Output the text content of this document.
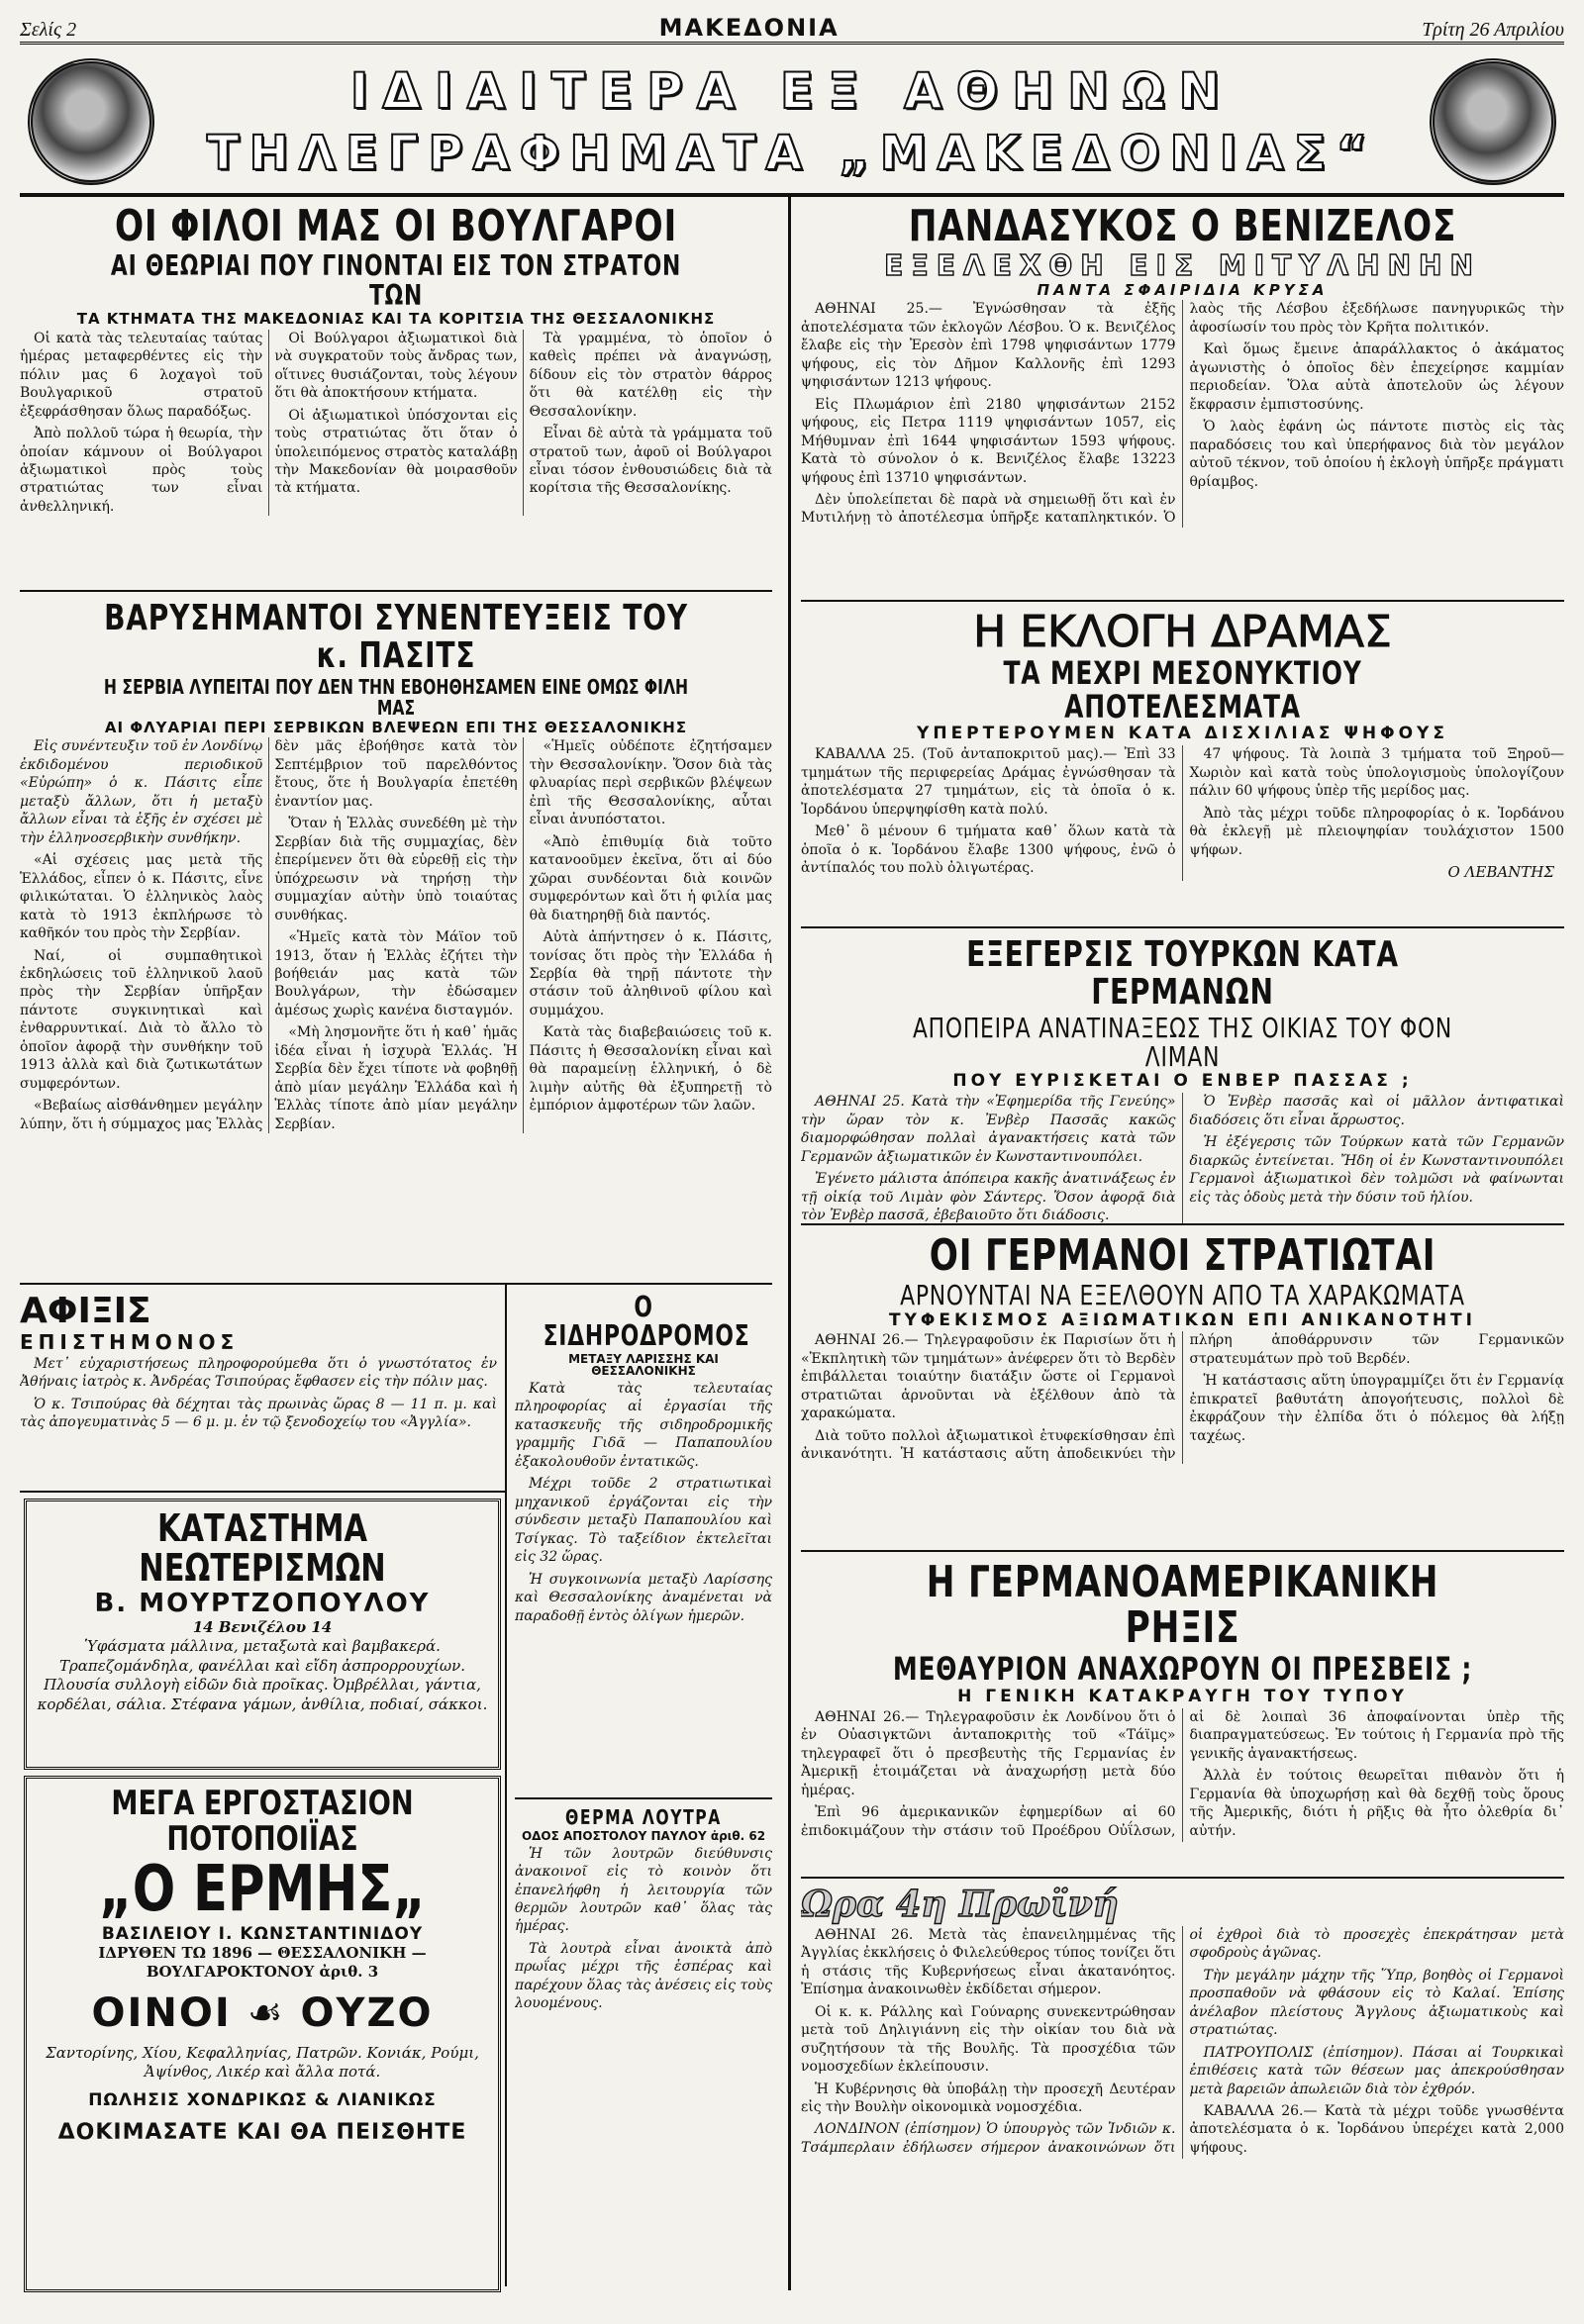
Σελίς 2	ΜΑΚΕΔΟΝΙΑ	Τρίτη 26 Απριλίου
ΙΔΙΑΙΤΕΡΑ ΕΞ ΑΘΗΝΩΝ
ΤΗΛΕΓΡΑΦΗΜΑΤΑ „ΜΑΚΕΔΟΝΙΑΣ“
ΟΙ ΦΙΛΟΙ ΜΑΣ ΟΙ ΒΟΥΛΓΑΡΟΙ
ΑΙ ΘΕΩΡΙΑΙ ΠΟΥ ΓΙΝΟΝΤΑΙ ΕΙΣ ΤΟΝ ΣΤΡΑΤΟΝ ΤΩΝ
ΤΑ ΚΤΗΜΑΤΑ ΤΗΣ ΜΑΚΕΔΟΝΙΑΣ ΚΑΙ ΤΑ ΚΟΡΙΤΣΙΑ ΤΗΣ ΘΕΣΣΑΛΟΝΙΚΗΣ

Οἱ κατὰ τὰς τελευταίας ταύτας ἡμέρας μεταφερθέντες εἰς τὴν πόλιν μας 6 λοχαγοὶ τοῦ Βουλγαρικοῦ στρατοῦ ἐξεφράσθησαν ὅλως παραδόξως.

Ἀπὸ πολλοῦ τώρα ἡ θεωρία, τὴν ὁποίαν κάμνουν οἱ Βούλγαροι ἀξιωματικοὶ πρὸς τοὺς στρατιώτας των εἶναι ἀνθελληνική.

Οἱ Βούλγαροι ἀξιωματικοὶ διὰ νὰ συγκρατοῦν τοὺς ἄνδρας των, οἵτινες θυσιάζονται, τοὺς λέγουν ὅτι θὰ ἀποκτήσουν κτήματα.

Οἱ ἀξιωματικοὶ ὑπόσχονται εἰς τοὺς στρατιώτας ὅτι ὅταν ὁ ὑπολειπόμενος στρατὸς καταλάβῃ τὴν Μακεδονίαν θὰ μοιρασθοῦν τὰ κτήματα.

Τὰ γραμμένα, τὸ ὁποῖον ὁ καθεὶς πρέπει νὰ ἀναγνώσῃ, δίδουν εἰς τὸν στρατὸν θάρρος ὅτι θὰ κατέλθῃ εἰς τὴν Θεσσαλονίκην.

Εἶναι δὲ αὐτὰ τὰ γράμματα τοῦ στρατοῦ των, ἀφοῦ οἱ Βούλγαροι εἶναι τόσον ἐνθουσιώδεις διὰ τὰ κορίτσια τῆς Θεσσαλονίκης.

ΒΑΡΥΣΗΜΑΝΤΟΙ ΣΥΝΕΝΤΕΥΞΕΙΣ ΤΟΥ κ. ΠΑΣΙΤΣ
Η ΣΕΡΒΙΑ ΛΥΠΕΙΤΑΙ ΠΟΥ ΔΕΝ ΤΗΝ ΕΒΟΗΘΗΣΑΜΕΝ ΕΙΝΕ ΟΜΩΣ ΦΙΛΗ ΜΑΣ
ΑΙ ΦΛΥΑΡΙΑΙ ΠΕΡΙ ΣΕΡΒΙΚΩΝ ΒΛΕΨΕΩΝ ΕΠΙ ΤΗΣ ΘΕΣΣΑΛΟΝΙΚΗΣ

Εἰς συνέντευξιν τοῦ ἐν Λονδίνῳ ἐκδιδομένου περιοδικοῦ «Εὐρώπη» ὁ κ. Πάσιτς εἶπε μεταξὺ ἄλλων, ὅτι ἡ μεταξὺ ἄλλων εἶναι τὰ ἑξῆς ἐν σχέσει μὲ τὴν ἑλληνοσερβικὴν συνθήκην.

«Αἱ σχέσεις μας μετὰ τῆς Ἑλλάδος, εἶπεν ὁ κ. Πάσιτς, εἶνε φιλικώταται. Ὁ ἑλληνικὸς λαὸς κατὰ τὸ 1913 ἐκπλήρωσε τὸ καθῆκόν του πρὸς τὴν Σερβίαν.

Ναί, οἱ συμπαθητικοὶ ἐκδηλώσεις τοῦ ἑλληνικοῦ λαοῦ πρὸς τὴν Σερβίαν ὑπῆρξαν πάντοτε συγκινητικαὶ καὶ ἐνθαρρυντικαί. Διὰ τὸ ἄλλο τὸ ὁποῖον ἀφορᾷ τὴν συνθήκην τοῦ 1913 ἀλλὰ καὶ διὰ ζωτικωτάτων συμφερόντων.

«Βεβαίως αἰσθάνθημεν μεγάλην λύπην, ὅτι ἡ σύμμαχος μας Ἑλλὰς δὲν μᾶς ἐβοήθησε κατὰ τὸν Σεπτέμβριον τοῦ παρελθόντος ἔτους, ὅτε ἡ Βουλγαρία ἐπετέθη ἐναντίον μας.

Ὅταν ἡ Ἑλλὰς συνεδέθη μὲ τὴν Σερβίαν διὰ τῆς συμμαχίας, δὲν ἐπερίμενεν ὅτι θὰ εὑρεθῇ εἰς τὴν ὑπόχρεωσιν νὰ τηρήσῃ τὴν συμμαχίαν αὐτὴν ὑπὸ τοιαύτας συνθήκας.

«Ἡμεῖς κατὰ τὸν Μάϊον τοῦ 1913, ὅταν ἡ Ἑλλὰς ἐζήτει τὴν βοήθειάν μας κατὰ τῶν Βουλγάρων, τὴν ἐδώσαμεν ἀμέσως χωρὶς κανένα δισταγμόν.

«Μὴ λησμονῆτε ὅτι ἡ καθ᾽ ἡμᾶς ἰδέα εἶναι ἡ ἰσχυρὰ Ἑλλάς. Ἡ Σερβία δὲν ἔχει τίποτε νὰ φοβηθῇ ἀπὸ μίαν μεγάλην Ἑλλάδα καὶ ἡ Ἑλλὰς τίποτε ἀπὸ μίαν μεγάλην Σερβίαν.

«Ἡμεῖς οὐδέποτε ἐζητήσαμεν τὴν Θεσσαλονίκην. Ὅσον διὰ τὰς φλυαρίας περὶ σερβικῶν βλέψεων ἐπὶ τῆς Θεσσαλονίκης, αὗται εἶναι ἀνυπόστατοι.

«Ἀπὸ ἐπιθυμίᾳ διὰ τοῦτο κατανοοῦμεν ἐκεῖνα, ὅτι αἱ δύο χῶραι συνδέονται διὰ κοινῶν συμφερόντων καὶ ὅτι ἡ φιλία μας θὰ διατηρηθῇ διὰ παντός.

Αὐτὰ ἀπήντησεν ὁ κ. Πάσιτς, τονίσας ὅτι πρὸς τὴν Ἑλλάδα ἡ Σερβία θὰ τηρῇ πάντοτε τὴν στάσιν τοῦ ἀληθινοῦ φίλου καὶ συμμάχου.

Κατὰ τὰς διαβεβαιώσεις τοῦ κ. Πάσιτς ἡ Θεσσαλονίκη εἶναι καὶ θὰ παραμείνῃ ἑλληνική, ὁ δὲ λιμὴν αὐτῆς θὰ ἐξυπηρετῇ τὸ ἐμπόριον ἀμφοτέρων τῶν λαῶν.

ΑΦΙΞΙΣ
ΕΠΙΣΤΗΜΟΝΟΣ

Μετ᾽ εὐχαριστήσεως πληροφορούμεθα ὅτι ὁ γνωστότατος ἐν Ἀθήναις ἰατρὸς κ. Ἀνδρέας Τσιπούρας ἔφθασεν εἰς τὴν πόλιν μας.

Ὁ κ. Τσιπούρας θὰ δέχηται τὰς πρωινὰς ὥρας 8 — 11 π. μ. καὶ τὰς ἀπογευματινὰς 5 — 6 μ. μ. ἐν τῷ ξενοδοχείῳ του «Ἀγγλία».

ΚΑΤΑΣΤΗΜΑ ΝΕΩΤΕΡΙΣΜΩΝ
Β. ΜΟΥΡΤΖΟΠΟΥΛΟΥ
14 Βενιζέλου 14
Ὑφάσματα μάλλινα, μεταξωτὰ καὶ βαμβακερά. Τραπεζομάνδηλα, φανέλλαι καὶ εἴδη ἀσπρορρουχίων.
Πλουσία συλλογὴ εἰδῶν διὰ προῖκας. Ὀμβρέλλαι, γάντια, κορδέλαι, σάλια. Στέφανα γάμων, ἀνθίλια, ποδιαί, σάκκοι.
ΜΕΓΑ ΕΡΓΟΣΤΑΣΙΟΝ ΠΟΤΟΠΟΙΪΑΣ
„Ο ΕΡΜΗΣ„
ΒΑΣΙΛΕΙΟΥ Ι. ΚΩΝΣΤΑΝΤΙΝΙΔΟΥ
ΙΔΡΥΘΕΝ ΤΩ 1896 — ΘΕΣΣΑΛΟΝΙΚΗ — ΒΟΥΛΓΑΡΟΚΤΟΝΟΥ ἀριθ. 3
ΟΙΝΟΙ ☙ ΟΥΖΟ
Σαντορίνης, Χίου, Κεφαλληνίας, Πατρῶν. Κονιάκ, Ρούμι, Ἀψίνθος, Λικέρ καὶ ἄλλα ποτά.
ΠΩΛΗΣΙΣ ΧΟΝΔΡΙΚΩΣ & ΛΙΑΝΙΚΩΣ
ΔΟΚΙΜΑΣΑΤΕ ΚΑΙ ΘΑ ΠΕΙΣΘΗΤΕ
Ο ΣΙΔΗΡΟΔΡΟΜΟΣ
ΜΕΤΑΞΥ ΛΑΡΙΣΣΗΣ ΚΑΙ ΘΕΣΣΑΛΟΝΙΚΗΣ

Κατὰ τὰς τελευταίας πληροφορίας αἱ ἐργασίαι τῆς κατασκευῆς τῆς σιδηροδρομικῆς γραμμῆς Γιδᾶ — Παπαπουλίου ἐξακολουθοῦν ἐντατικῶς.

Μέχρι τοῦδε 2 στρατιωτικαὶ μηχανικοῦ ἐργάζονται εἰς τὴν σύνδεσιν μεταξὺ Παπαπουλίου καὶ Τσίγκας. Τὸ ταξείδιον ἐκτελεῖται εἰς 32 ὥρας.

Ἡ συγκοινωνία μεταξὺ Λαρίσσης καὶ Θεσσαλονίκης ἀναμένεται νὰ παραδοθῇ ἐντὸς ὀλίγων ἡμερῶν.

ΘΕΡΜΑ ΛΟΥΤΡΑ
ΟΔΟΣ ΑΠΟΣΤΟΛΟΥ ΠΑΥΛΟΥ ἀριθ. 62

Ἡ τῶν λουτρῶν διεύθυνσις ἀνακοινοῖ εἰς τὸ κοινὸν ὅτι ἐπανελήφθη ἡ λειτουργία τῶν θερμῶν λουτρῶν καθ᾽ ὅλας τὰς ἡμέρας.

Τὰ λουτρὰ εἶναι ἀνοικτὰ ἀπὸ πρωΐας μέχρι τῆς ἑσπέρας καὶ παρέχουν ὅλας τὰς ἀνέσεις εἰς τοὺς λουομένους.

ΠΑΝΔΑΣΥΚΟΣ Ο ΒΕΝΙΖΕΛΟΣ
ΕΞΕΛΕΧΘΗ ΕΙΣ ΜΙΤΥΛΗΝΗΝ
ΠΑΝΤΑ ΣΦΑΙΡΙΔΙΑ ΚΡΥΣΑ

ΑΘΗΝΑΙ 25.— Ἐγνώσθησαν τὰ ἐξῆς ἀποτελέσματα τῶν ἐκλογῶν Λέσβου. Ὁ κ. Βενιζέλος ἔλαβε εἰς τὴν Ἐρεσὸν ἐπὶ 1798 ψηφισάντων 1779 ψήφους, εἰς τὸν Δῆμον Καλλονῆς ἐπὶ 1293 ψηφισάντων 1213 ψήφους.

Εἰς Πλωμάριον ἐπὶ 2180 ψηφισάντων 2152 ψήφους, εἰς Πετρα 1119 ψηφισάντων 1057, εἰς Μήθυμναν ἐπὶ 1644 ψηφισάντων 1593 ψήφους. Κατὰ τὸ σύνολον ὁ κ. Βενιζέλος ἔλαβε 13223 ψήφους ἐπὶ 13710 ψηφισάντων.

Δὲν ὑπολείπεται δὲ παρὰ νὰ σημειωθῇ ὅτι καὶ ἐν Μυτιλήνῃ τὸ ἀποτέλεσμα ὑπῆρξε καταπληκτικόν. Ὁ λαὸς τῆς Λέσβου ἐξεδήλωσε πανηγυρικῶς τὴν ἀφοσίωσίν του πρὸς τὸν Κρῆτα πολιτικόν.

Καὶ ὅμως ἔμεινε ἀπαράλλακτος ὁ ἀκάματος ἀγωνιστὴς ὁ ὁποῖος δὲν ἐπεχείρησε καμμίαν περιοδείαν. Ὅλα αὐτὰ ἀποτελοῦν ὡς λέγουν ἔκφρασιν ἐμπιστοσύνης.

Ὁ λαὸς ἐφάνη ὡς πάντοτε πιστὸς εἰς τὰς παραδόσεις του καὶ ὑπερήφανος διὰ τὸν μεγάλον αὐτοῦ τέκνον, τοῦ ὁποίου ἡ ἐκλογὴ ὑπῆρξε πράγματι θρίαμβος.

Η ΕΚΛΟΓΗ ΔΡΑΜΑΣ
ΤΑ ΜΕΧΡΙ ΜΕΣΟΝΥΚΤΙΟΥ ΑΠΟΤΕΛΕΣΜΑΤΑ
ΥΠΕΡΤΕΡΟΥΜΕΝ ΚΑΤΑ ΔΙΣΧΙΛΙΑΣ ΨΗΦΟΥΣ

ΚΑΒΑΛΛΑ 25. (Τοῦ ἀνταποκριτοῦ μας).— Ἐπὶ 33 τμημάτων τῆς περιφερείας Δράμας ἐγνώσθησαν τὰ ἀποτελέσματα 27 τμημάτων, εἰς τὰ ὁποῖα ὁ κ. Ἰορδάνου ὑπερψηφίσθη κατὰ πολύ.

Μεθ᾽ ὃ μένουν 6 τμήματα καθ᾽ ὅλων κατὰ τὰ ὁποῖα ὁ κ. Ἰορδάνου ἔλαβε 1300 ψήφους, ἐνῶ ὁ ἀντίπαλός του πολὺ ὀλιγωτέρας.

47 ψήφους. Τὰ λοιπὰ 3 τμήματα τοῦ Ξηροῦ—Χωριὸν καὶ κατὰ τοὺς ὑπολογισμοὺς ὑπολογίζουν πάλιν 60 ψήφους ὑπὲρ τῆς μερίδος μας.

Ἀπὸ τὰς μέχρι τοῦδε πληροφορίας ὁ κ. Ἰορδάνου θὰ ἐκλεγῇ μὲ πλειοψηφίαν τουλάχιστον 1500 ψήφων.

Ο ΛΕΒΑΝΤΗΣ
ΕΞΕΓΕΡΣΙΣ ΤΟΥΡΚΩΝ ΚΑΤΑ ΓΕΡΜΑΝΩΝ
ΑΠΟΠΕΙΡΑ ΑΝΑΤΙΝΑΞΕΩΣ ΤΗΣ ΟΙΚΙΑΣ ΤΟΥ ΦΟΝ ΛΙΜΑΝ
ΠΟΥ ΕΥΡΙΣΚΕΤΑΙ Ο ΕΝΒΕΡ ΠΑΣΣΑΣ ;

ΑΘΗΝΑΙ 25. Κατὰ τὴν «Ἐφημερίδα τῆς Γενεύης» τὴν ὥραν τὸν κ. Ἐνβὲρ Πασσᾶς κακῶς διαμορφώθησαν πολλαὶ ἀγανακτήσεις κατὰ τῶν Γερμανῶν ἀξιωματικῶν ἐν Κωνσταντινουπόλει.

Ἐγένετο μάλιστα ἀπόπειρα κακῆς ἀνατινάξεως ἐν τῇ οἰκίᾳ τοῦ Λιμὰν φὸν Σάντερς. Ὅσον ἀφορᾷ διὰ τὸν Ἐνβὲρ πασσᾶ, ἐβεβαιοῦτο ὅτι διάδοσις.

Ὁ Ἐνβὲρ πασσᾶς καὶ οἱ μᾶλλον ἀντιφατικαὶ διαδόσεις ὅτι εἶναι ἄρρωστος.

Ἡ ἐξέγερσις τῶν Τούρκων κατὰ τῶν Γερμανῶν διαρκῶς ἐντείνεται. Ἤδη οἱ ἐν Κωνσταντινουπόλει Γερμανοὶ ἀξιωματικοὶ δὲν τολμῶσι νὰ φαίνωνται εἰς τὰς ὁδοὺς μετὰ τὴν δύσιν τοῦ ἡλίου.

ΟΙ ΓΕΡΜΑΝΟΙ ΣΤΡΑΤΙΩΤΑΙ
ΑΡΝΟΥΝΤΑΙ ΝΑ ΕΞΕΛΘΟΥΝ ΑΠΟ ΤΑ ΧΑΡΑΚΩΜΑΤΑ
ΤΥΦΕΚΙΣΜΟΣ ΑΞΙΩΜΑΤΙΚΩΝ ΕΠΙ ΑΝΙΚΑΝΟΤΗΤΙ

ΑΘΗΝΑΙ 26.— Τηλεγραφοῦσιν ἐκ Παρισίων ὅτι ἡ «Ἐκπλητικὴ τῶν τμημάτων» ἀνέφερεν ὅτι τὸ Βερδὲν ἐπιβάλλεται τοιαύτην διατάξιν ὥστε οἱ Γερμανοὶ στρατιῶται ἀρνοῦνται νὰ ἐξέλθουν ἀπὸ τὰ χαρακώματα.

Διὰ τοῦτο πολλοὶ ἀξιωματικοὶ ἐτυφεκίσθησαν ἐπὶ ἀνικανότητι. Ἡ κατάστασις αὕτη ἀποδεικνύει τὴν πλήρη ἀποθάρρυνσιν τῶν Γερμανικῶν στρατευμάτων πρὸ τοῦ Βερδέν.

Ἡ κατάστασις αὕτη ὑπογραμμίζει ὅτι ἐν Γερμανίᾳ ἐπικρατεῖ βαθυτάτη ἀπογοήτευσις, πολλοὶ δὲ ἐκφράζουν τὴν ἐλπίδα ὅτι ὁ πόλεμος θὰ λήξῃ ταχέως.

Η ΓΕΡΜΑΝΟΑΜΕΡΙΚΑΝΙΚΗ ΡΗΞΙΣ
ΜΕΘΑΥΡΙΟΝ ΑΝΑΧΩΡΟΥΝ ΟΙ ΠΡΕΣΒΕΙΣ ;
Η ΓΕΝΙΚΗ ΚΑΤΑΚΡΑΥΓΗ ΤΟΥ ΤΥΠΟΥ

ΑΘΗΝΑΙ 26.— Τηλεγραφοῦσιν ἐκ Λονδίνου ὅτι ὁ ἐν Οὐασιγκτῶνι ἀνταποκριτὴς τοῦ «Τάϊμς» τηλεγραφεῖ ὅτι ὁ πρεσβευτὴς τῆς Γερμανίας ἐν Ἀμερικῇ ἑτοιμάζεται νὰ ἀναχωρήσῃ μετὰ δύο ἡμέρας.

Ἐπὶ 96 ἀμερικανικῶν ἐφημερίδων αἱ 60 ἐπιδοκιμάζουν τὴν στάσιν τοῦ Προέδρου Οὐΐλσων, αἱ δὲ λοιπαὶ 36 ἀποφαίνονται ὑπὲρ τῆς διαπραγματεύσεως. Ἐν τούτοις ἡ Γερμανία πρὸ τῆς γενικῆς ἀγανακτήσεως.

Ἀλλὰ ἐν τούτοις θεωρεῖται πιθανὸν ὅτι ἡ Γερμανία θὰ ὑποχωρήσῃ καὶ θὰ δεχθῇ τοὺς ὅρους τῆς Ἀμερικῆς, διότι ἡ ρῆξις θὰ ἦτο ὀλεθρία δι᾽ αὐτήν.

Ωρα 4η Πρωϊνή

ΑΘΗΝΑΙ 26. Μετὰ τὰς ἐπανειλημμένας τῆς Ἀγγλίας ἐκκλήσεις ὁ Φιλελεύθερος τύπος τονίζει ὅτι ἡ στάσις τῆς Κυβερνήσεως εἶναι ἀκατανόητος. Ἐπίσημα ἀνακοινωθὲν ἐκδίδεται σήμερον.

Οἱ κ. κ. Ράλλης καὶ Γούναρης συνεκεντρώθησαν μετὰ τοῦ Δηλιγιάννη εἰς τὴν οἰκίαν του διὰ νὰ συζητήσουν τὰ τῆς Βουλῆς. Τὰ προσχέδια τῶν νομοσχεδίων ἐκλείπουσιν.

Ἡ Κυβέρνησις θὰ ὑποβάλῃ τὴν προσεχῆ Δευτέραν εἰς τὴν Βουλὴν οἰκονομικὰ νομοσχέδια.

ΛΟΝΔΙΝΟΝ (ἐπίσημον) Ὁ ὑπουργὸς τῶν Ἰνδιῶν κ. Τσάμπερλαιν ἐδήλωσεν σήμερον ἀνακοινώνων ὅτι οἱ ἐχθροὶ διὰ τὸ προσεχὲς ἐπεκράτησαν μετὰ σφοδροὺς ἀγῶνας.

Τὴν μεγάλην μάχην τῆς Ὕπρ, βοηθὸς οἱ Γερμανοὶ προσπαθοῦν νὰ φθάσουν εἰς τὸ Καλαί. Ἐπίσης ἀνέλαβον πλείστους Ἄγγλους ἀξιωματικοὺς καὶ στρατιώτας.

ΠΑΤΡΟΥΠΟΛΙΣ (ἐπίσημον). Πάσαι αἱ Τουρκικαὶ ἐπιθέσεις κατὰ τῶν θέσεων μας ἀπεκρούσθησαν μετὰ βαρειῶν ἀπωλειῶν διὰ τὸν ἐχθρόν.

ΚΑΒΑΛΛΑ 26.— Κατὰ τὰ μέχρι τοῦδε γνωσθέντα ἀποτελέσματα ὁ κ. Ἰορδάνου ὑπερέχει κατὰ 2,000 ψήφους.
